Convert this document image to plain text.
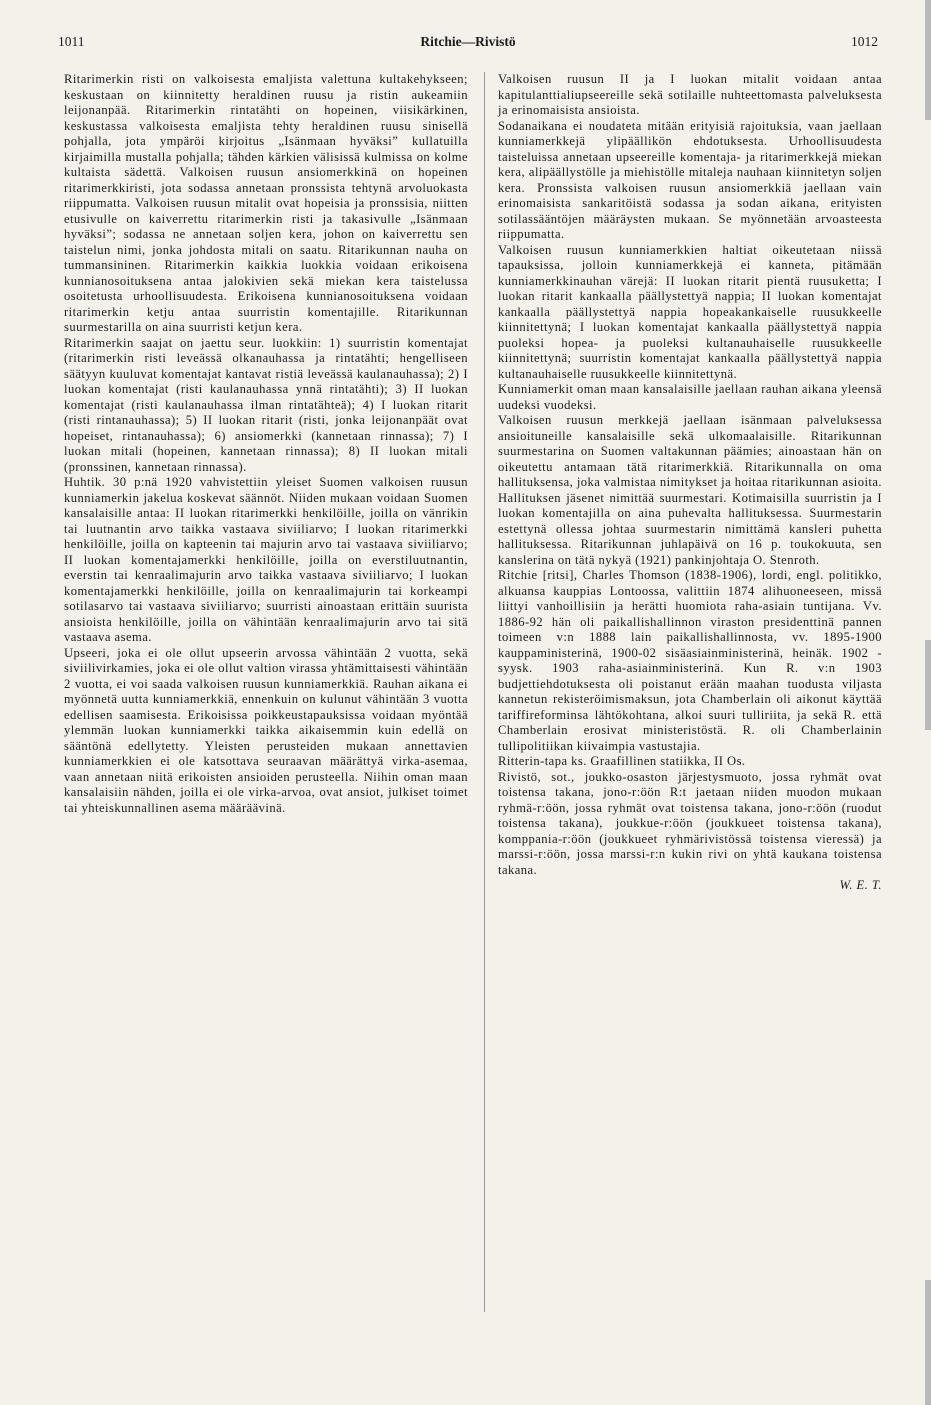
1011	Ritchie—Rivistö	1012

Ritarimerkin risti on valkoisesta emaljista valettuna kultakehykseen; keskustaan on kiinnitetty heraldinen ruusu ja ristin aukeamiin leijonanpää. Ritarimerkin rintatähti on hopeinen, viisikärkinen, keskustassa valkoisesta emaljista tehty heraldinen ruusu sinisellä pohjalla, jota ympäröi kirjoitus „Isänmaan hyväksi” kullatuilla kirjaimilla mustalla pohjalla; tähden kärkien välisissä kulmissa on kolme kultaista sädettä. Valkoisen ruusun ansiomerkkinä on hopeinen ritarimerkkiristi, jota sodassa annetaan pronssista tehtynä arvoluokasta riippumatta. Valkoisen ruusun mitalit ovat hopeisia ja pronssisia, niitten etusivulle on kaiverrettu ritarimerkin risti ja takasivulle „Isänmaan hyväksi”; sodassa ne annetaan soljen kera, johon on kaiverrettu sen taistelun nimi, jonka johdosta mitali on saatu. Ritarikunnan nauha on tummansininen. Ritarimerkin kaikkia luokkia voidaan erikoisena kunnianosoituksena antaa jalokivien sekä miekan kera taistelussa osoitetusta urhoollisuudesta. Erikoisena kunnianosoituksena voidaan ritarimerkin ketju antaa suurristin komentajille. Ritarikunnan suurmestarilla on aina suurristi ketjun kera.

Ritarimerkin saajat on jaettu seur. luokkiin: 1) suurristin komentajat (ritarimerkin risti leveässä olkanauhassa ja rintatähti; hengelliseen säätyyn kuuluvat komentajat kantavat ristiä leveässä kaulanauhassa); 2) I luokan komentajat (risti kaulanauhassa ynnä rintatähti); 3) II luokan komentajat (risti kaulanauhassa ilman rintatähteä); 4) I luokan ritarit (risti rintanauhassa); 5) II luokan ritarit (risti, jonka leijonanpäät ovat hopeiset, rintanauhassa); 6) ansiomerkki (kannetaan rinnassa); 7) I luokan mitali (hopeinen, kannetaan rinnassa); 8) II luokan mitali (pronssinen, kannetaan rinnassa).

Huhtik. 30 p:nä 1920 vahvistettiin yleiset Suomen valkoisen ruusun kunniamerkin jakelua koskevat säännöt. Niiden mukaan voidaan Suomen kansalaisille antaa: II luokan ritarimerkki henkilöille, joilla on vänrikin tai luutnantin arvo taikka vastaava siviiliarvo; I luokan ritarimerkki henkilöille, joilla on kapteenin tai majurin arvo tai vastaava siviiliarvo; II luokan komentajamerkki henkilöille, joilla on everstiluutnantin, everstin tai kenraalimajurin arvo taikka vastaava siviiliarvo; I luokan komentajamerkki henkilöille, joilla on kenraalimajurin tai korkeampi sotilasarvo tai vastaava siviiliarvo; suurristi ainoastaan erittäin suurista ansioista henkilöille, joilla on vähintään kenraalimajurin arvo tai sitä vastaava asema.

Upseeri, joka ei ole ollut upseerin arvossa vähintään 2 vuotta, sekä siviilivirkamies, joka ei ole ollut valtion virassa yhtämittaisesti vähintään 2 vuotta, ei voi saada valkoisen ruusun kunniamerkkiä. Rauhan aikana ei myönnetä uutta kunniamerkkiä, ennenkuin on kulunut vähintään 3 vuotta edellisen saamisesta. Erikoisissa poikkeustapauksissa voidaan myöntää ylemmän luokan kunniamerkki taikka aikaisemmin kuin edellä on sääntönä edellytetty. Yleisten perusteiden mukaan annettavien kunniamerkkien ei ole katsottava seuraavan määrättyä virka-asemaa, vaan annetaan niitä erikoisten ansioiden perusteella. Niihin oman maan kansalaisiin nähden, joilla ei ole virka-arvoa, ovat ansiot, julkiset toimet tai yhteiskunnallinen asema määräävinä.

Valkoisen ruusun II ja I luokan mitalit voidaan antaa kapitulanttialiupseereille sekä sotilaille nuhteettomasta palveluksesta ja erinomaisista ansioista.

Sodanaikana ei noudateta mitään erityisiä rajoituksia, vaan jaellaan kunniamerkkejä ylipäällikön ehdotuksesta. Urhoollisuudesta taisteluissa annetaan upseereille komentaja- ja ritarimerkkejä miekan kera, alipäällystölle ja miehistölle mitaleja nauhaan kiinnitetyn soljen kera. Pronssista valkoisen ruusun ansiomerkkiä jaellaan vain erinomaisista sankaritöistä sodassa ja sodan aikana, erityisten sotilassääntöjen määräysten mukaan. Se myönnetään arvoasteesta riippumatta.

Valkoisen ruusun kunniamerkkien haltiat oikeutetaan niissä tapauksissa, jolloin kunniamerkkejä ei kanneta, pitämään kunniamerkkinauhan värejä: II luokan ritarit pientä ruusuketta; I luokan ritarit kankaalla päällystettyä nappia; II luokan komentajat kankaalla päällystettyä nappia hopeakankaiselle ruusukkeelle kiinnitettynä; I luokan komentajat kankaalla päällystettyä nappia puoleksi hopea- ja puoleksi kultanauhaiselle ruusukkeelle kiinnitettynä; suurristin komentajat kankaalla päällystettyä nappia kultanauhaiselle ruusukkeelle kiinnitettynä.

Kunniamerkit oman maan kansalaisille jaellaan rauhan aikana yleensä uudeksi vuodeksi.

Valkoisen ruusun merkkejä jaellaan isänmaan palveluksessa ansioituneille kansalaisille sekä ulkomaalaisille. Ritarikunnan suurmestarina on Suomen valtakunnan päämies; ainoastaan hän on oikeutettu antamaan tätä ritarimerkkiä. Ritarikunnalla on oma hallituksensa, joka valmistaa nimitykset ja hoitaa ritarikunnan asioita. Hallituksen jäsenet nimittää suurmestari. Kotimaisilla suurristin ja I luokan komentajilla on aina puhevalta hallituksessa. Suurmestarin estettynä ollessa johtaa suurmestarin nimittämä kansleri puhetta hallituksessa. Ritarikunnan juhlapäivä on 16 p. toukokuuta, sen kanslerina on tätä nykyä (1921) pankinjohtaja O. Stenroth.

Ritchie [ritsi], Charles Thomson (1838-1906), lordi, engl. politikko, alkuansa kauppias Lontoossa, valittiin 1874 alihuoneeseen, missä liittyi vanhoillisiin ja herätti huomiota raha-asiain tuntijana. Vv. 1886-92 hän oli paikallishallinnon viraston presidenttinä pannen toimeen v:n 1888 lain paikallishallinnosta, vv. 1895-1900 kauppaministerinä, 1900-02 sisäasiainministerinä, heinäk. 1902 - syysk. 1903 raha-asiainministerinä. Kun R. v:n 1903 budjettiehdotuksesta oli poistanut erään maahan tuodusta viljasta kannetun rekisteröimismaksun, jota Chamberlain oli aikonut käyttää tariffireforminsa lähtökohtana, alkoi suuri tulliriita, ja sekä R. että Chamberlain erosivat ministeristöstä. R. oli Chamberlainin tullipolitiikan kiivaimpia vastustajia.

Ritterin-tapa ks. Graafillinen statiikka, II Os.

Rivistö, sot., joukko-osaston järjestysmuoto, jossa ryhmät ovat toistensa takana, jono-r:öön R:t jaetaan niiden muodon mukaan ryhmä-r:öön, jossa ryhmät ovat toistensa takana, jono-r:öön (ruodut toistensa takana), joukkue-r:öön (joukkueet toistensa takana), komppania-r:öön (joukkueet ryhmärivistössä toistensa vieressä) ja marssi-r:öön, jossa marssi-r:n kukin rivi on yhtä kaukana toistensa takana.

W. E. T.
